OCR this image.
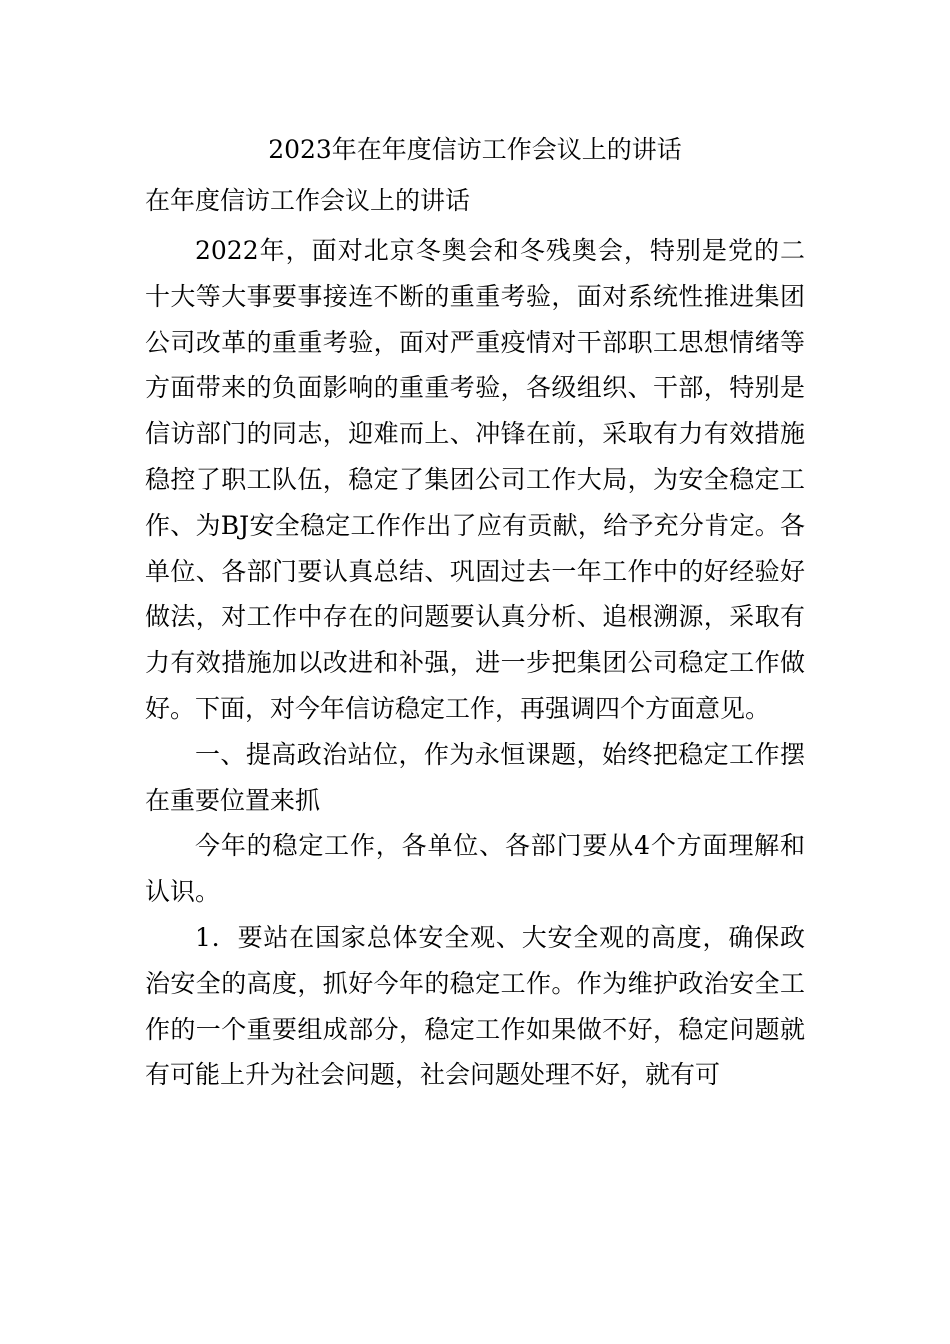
2023年在年度信访工作会议上的讲话
在年度信访工作会议上的讲话

2022年，面对北京冬奥会和冬残奥会，特别是党的二十大等大事要事接连不断的重重考验，面对系统性推进集团公司改革的重重考验，面对严重疫情对干部职工思想情绪等方面带来的负面影响的重重考验，各级组织、干部，特别是信访部门的同志，迎难而上、冲锋在前，采取有力有效措施稳控了职工队伍，稳定了集团公司工作大局，为安全稳定工作、为BJ安全稳定工作作出了应有贡献，给予充分肯定。各单位、各部门要认真总结、巩固过去一年工作中的好经验好做法，对工作中存在的问题要认真分析、追根溯源，采取有力有效措施加以改进和补强，进一步把集团公司稳定工作做好。下面，对今年信访稳定工作，再强调四个方面意见。

一、提高政治站位，作为永恒课题，始终把稳定工作摆在重要位置来抓

今年的稳定工作，各单位、各部门要从4个方面理解和认识。

1．要站在国家总体安全观、大安全观的高度，确保政治安全的高度，抓好今年的稳定工作。作为维护政治安全工作的一个重要组成部分，稳定工作如果做不好，稳定问题就有可能上升为社会问题，社会问题处理不好，就有可
